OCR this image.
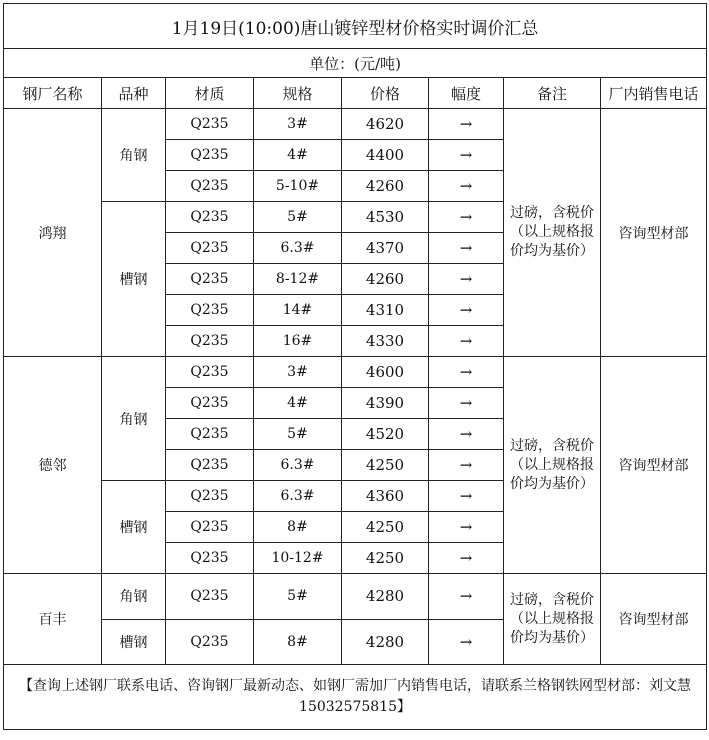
1月19日(10:00)唐山镀锌型材价格实时调价汇总							
单位：(元/吨)							
钢厂名称	品种	材质	规格	价格	幅度	备注	厂内销售电话
鸿翔	角钢	Q235	3#	4620	→	过磅，含税价（以上规格报价均为基价）	咨询型材部
		Q235	4#	4400	→		
		Q235	5-10#	4260	→		
	槽钢	Q235	5#	4530	→		
		Q235	6.3#	4370	→		
		Q235	8-12#	4260	→		
		Q235	14#	4310	→		
		Q235	16#	4330	→		
德邻	角钢	Q235	3#	4600	→	过磅，含税价（以上规格报价均为基价）	咨询型材部
		Q235	4#	4390	→		
		Q235	5#	4520	→		
		Q235	6.3#	4250	→		
	槽钢	Q235	6.3#	4360	→		
		Q235	8#	4250	→		
		Q235	10-12#	4250	→		
百丰	角钢	Q235	5#	4280	→	过磅，含税价（以上规格报价均为基价）	咨询型材部
	槽钢	Q235	8#	4280	→		
【查询上述钢厂联系电话、咨询钢厂最新动态、如钢厂需加厂内销售电话，请联系兰格钢铁网型材部：刘文慧15032575815】							
